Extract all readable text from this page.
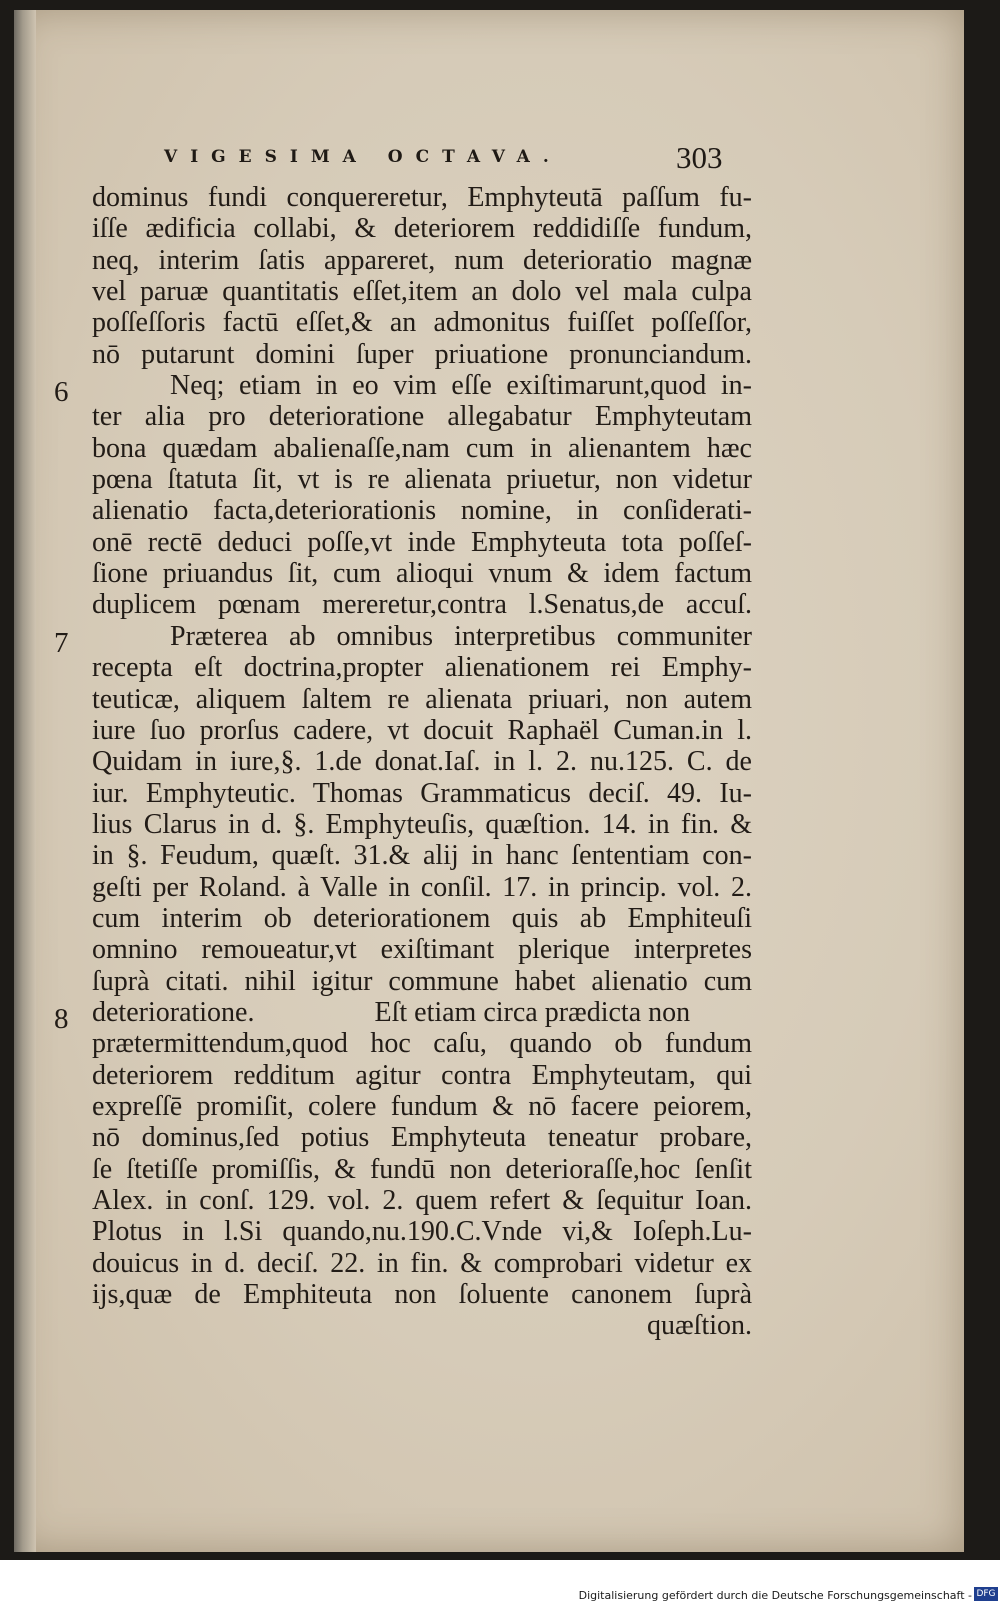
VIGESIMA OCTAVA.	303
6
7
8
dominus fundi conquereretur, Emphyteutā paſſum fu-
iſſe ædificia collabi, & deteriorem reddidiſſe fundum,
neq, interim ſatis appareret, num deterioratio magnæ
vel paruæ quantitatis eſſet,item an dolo vel mala culpa
poſſeſſoris factū eſſet,& an admonitus fuiſſet poſſeſſor,
nō putarunt domini ſuper priuatione pronunciandum.
Neq; etiam in eo vim eſſe exiſtimarunt,quod in-
ter alia pro deterioratione allegabatur Emphyteutam
bona quædam abalienaſſe,nam cum in alienantem hæc
pœna ſtatuta ſit, vt is re alienata priuetur, non videtur
alienatio facta,deteriorationis nomine, in conſiderati-
onē rectē deduci poſſe,vt inde Emphyteuta tota poſſeſ-
ſione priuandus ſit, cum alioqui vnum & idem factum
duplicem pœnam mereretur,contra l.Senatus,de accuſ.
Præterea ab omnibus interpretibus communiter
recepta eſt doctrina,propter alienationem rei Emphy-
teuticæ, aliquem ſaltem re alienata priuari, non autem
iure ſuo prorſus cadere, vt docuit Raphaël Cuman.in l.
Quidam in iure,§. 1.de donat.Iaſ. in l. 2. nu.125. C. de
iur. Emphyteutic. Thomas Grammaticus deciſ. 49. Iu-
lius Clarus in d. §. Emphyteuſis, quæſtion. 14. in fin. &
in §. Feudum, quæſt. 31.& alij in hanc ſententiam con-
geſti per Roland. à Valle in conſil. 17. in princip. vol. 2.
cum interim ob deteriorationem quis ab Emphiteuſi
omnino remoueatur,vt exiſtimant plerique interpretes
ſuprà citati. nihil igitur commune habet alienatio cum
deterioratione.	Eſt etiam circa prædicta non
prætermittendum,quod hoc caſu, quando ob fundum
deteriorem redditum agitur contra Emphyteutam, qui
expreſſē promiſit, colere fundum & nō facere peiorem,
nō dominus,ſed potius Emphyteuta teneatur probare,
ſe ſtetiſſe promiſſis, & fundū non deterioraſſe,hoc ſenſit
Alex. in conſ. 129. vol. 2. quem refert & ſequitur Ioan.
Plotus in l.Si quando,nu.190.C.Vnde vi,& Ioſeph.Lu-
douicus in d. deciſ. 22. in fin. & comprobari videtur ex
ijs,quæ de Emphiteuta non ſoluente canonem ſuprà
quæſtion.
Digitalisierung gefördert durch die Deutsche Forschungsgemeinschaft - DFG
